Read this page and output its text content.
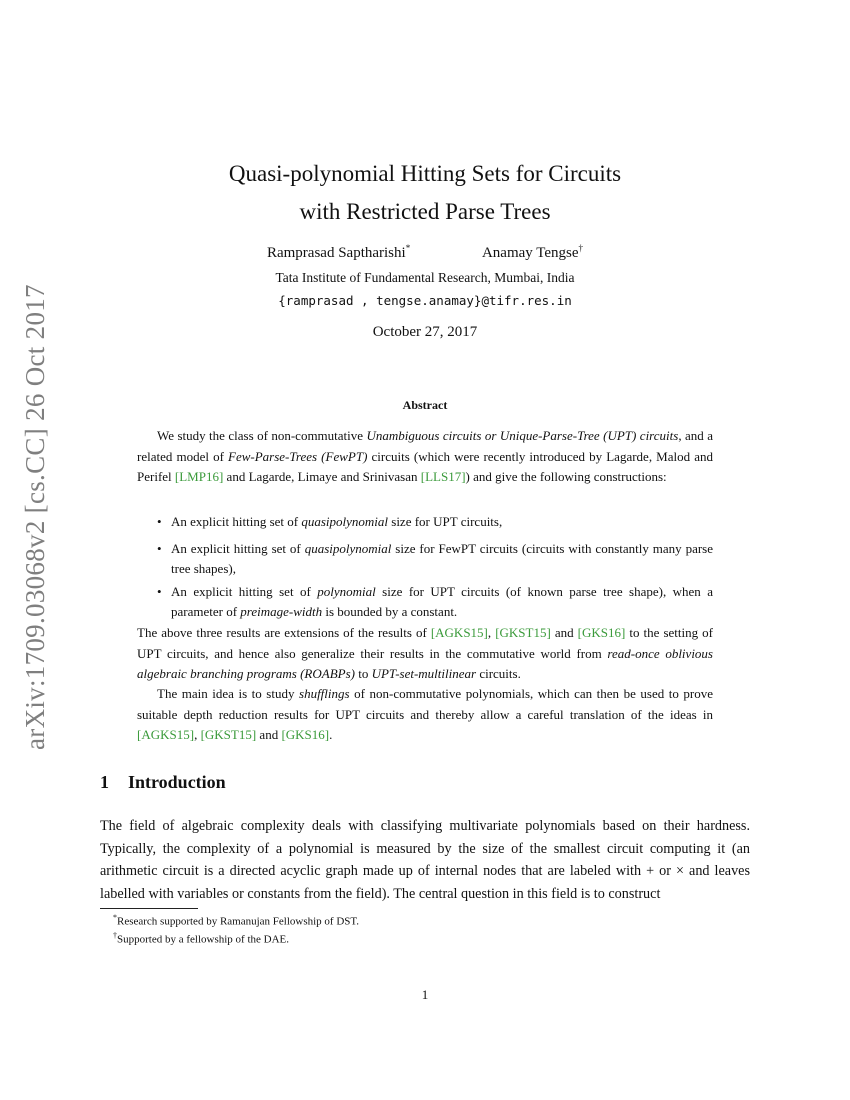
arXiv:1709.03068v2 [cs.CC] 26 Oct 2017
Quasi-polynomial Hitting Sets for Circuits
with Restricted Parse Trees
Ramprasad Saptharishi*	Anamay Tengse†
Tata Institute of Fundamental Research, Mumbai, India
{ramprasad , tengse.anamay}@tifr.res.in
October 27, 2017
Abstract
We study the class of non-commutative Unambiguous circuits or Unique-Parse-Tree (UPT) circuits, and a related model of Few-Parse-Trees (FewPT) circuits (which were recently introduced by Lagarde, Malod and Perifel [LMP16] and Lagarde, Limaye and Srinivasan [LLS17]) and give the following constructions:
• An explicit hitting set of quasipolynomial size for UPT circuits,
• An explicit hitting set of quasipolynomial size for FewPT circuits (circuits with constantly many parse tree shapes),
• An explicit hitting set of polynomial size for UPT circuits (of known parse tree shape), when a parameter of preimage-width is bounded by a constant.
The above three results are extensions of the results of [AGKS15], [GKST15] and [GKS16] to the setting of UPT circuits, and hence also generalize their results in the commutative world from read-once oblivious algebraic branching programs (ROABPs) to UPT-set-multilinear circuits.
The main idea is to study shufflings of non-commutative polynomials, which can then be used to prove suitable depth reduction results for UPT circuits and thereby allow a careful translation of the ideas in [AGKS15], [GKST15] and [GKS16].
1 Introduction
The field of algebraic complexity deals with classifying multivariate polynomials based on their hardness. Typically, the complexity of a polynomial is measured by the size of the smallest circuit computing it (an arithmetic circuit is a directed acyclic graph made up of internal nodes that are labeled with + or × and leaves labelled with variables or constants from the field). The central question in this field is to construct
*Research supported by Ramanujan Fellowship of DST.
†Supported by a fellowship of the DAE.
1
